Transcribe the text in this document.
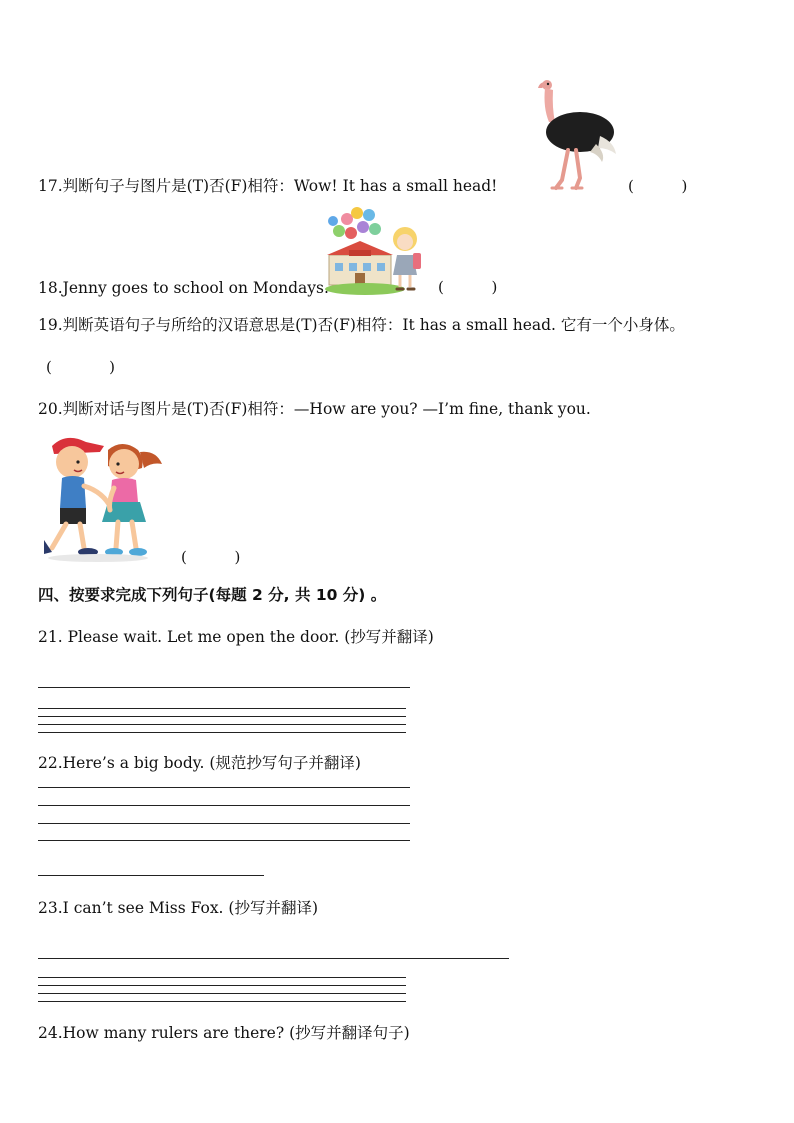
17.判断句子与图片是(T)否(F)相符：Wow! It has a small head!	(          )
18.Jenny goes to school on Mondays.	(          )
19.判断英语句子与所给的汉语意思是(T)否(F)相符：It has a small head. 它有一个小身体。
(            )
20.判断对话与图片是(T)否(F)相符：—How are you? —I’m fine, thank you.
(          )
四、按要求完成下列句子(每题 2 分, 共 10 分) 。
21. Please wait. Let me open the door. (抄写并翻译)
22.Here’s a big body. (规范抄写句子并翻译)
23.I can’t see Miss Fox. (抄写并翻译)
24.How many rulers are there? (抄写并翻译句子)
